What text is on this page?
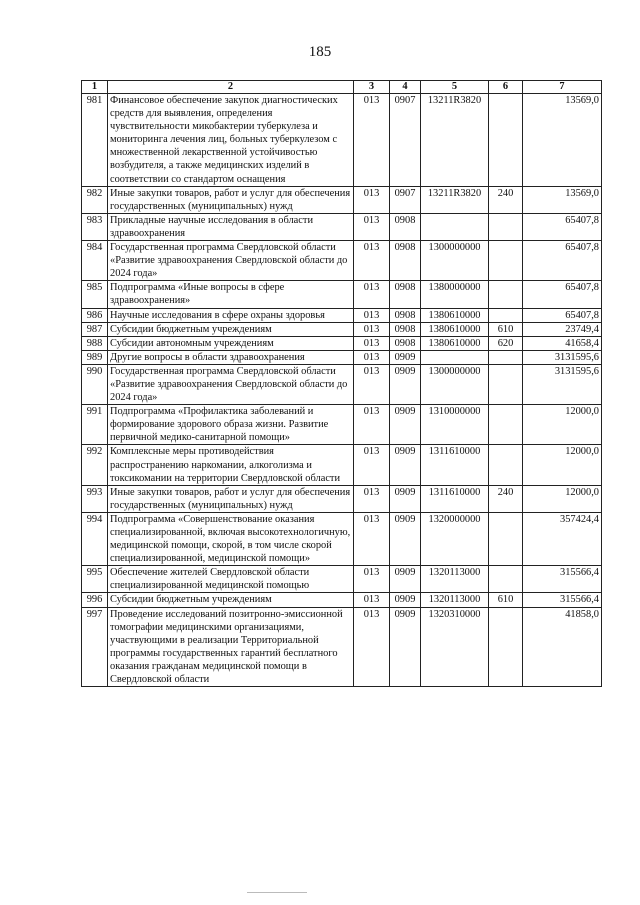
185
1	2	3	4	5	6	7
981	Финансовое обеспечение закупок диагностических средств для выявления, определения чувствительности микобактерии туберкулеза и мониторинга лечения лиц, больных туберкулезом с множественной лекарственной устойчивостью возбудителя, а также медицинских изделий в соответствии со стандартом оснащения	013	0907	13211R3820		13569,0
982	Иные закупки товаров, работ и услуг для обеспечения государственных (муниципальных) нужд	013	0907	13211R3820	240	13569,0
983	Прикладные научные исследования в области здравоохранения	013	0908			65407,8
984	Государственная программа Свердловской области «Развитие здравоохранения Свердловской области до 2024 года»	013	0908	1300000000		65407,8
985	Подпрограмма «Иные вопросы в сфере здравоохранения»	013	0908	1380000000		65407,8
986	Научные исследования в сфере охраны здоровья	013	0908	1380610000		65407,8
987	Субсидии бюджетным учреждениям	013	0908	1380610000	610	23749,4
988	Субсидии автономным учреждениям	013	0908	1380610000	620	41658,4
989	Другие вопросы в области здравоохранения	013	0909			3131595,6
990	Государственная программа Свердловской области «Развитие здравоохранения Свердловской области до 2024 года»	013	0909	1300000000		3131595,6
991	Подпрограмма «Профилактика заболеваний и формирование здорового образа жизни. Развитие первичной медико-санитарной помощи»	013	0909	1310000000		12000,0
992	Комплексные меры противодействия распространению наркомании, алкоголизма и токсикомании на территории Свердловской области	013	0909	1311610000		12000,0
993	Иные закупки товаров, работ и услуг для обеспечения государственных (муниципальных) нужд	013	0909	1311610000	240	12000,0
994	Подпрограмма «Совершенствование оказания специализированной, включая высокотехнологичную, медицинской помощи, скорой, в том числе скорой специализированной, медицинской помощи»	013	0909	1320000000		357424,4
995	Обеспечение жителей Свердловской области специализированной медицинской помощью	013	0909	1320113000		315566,4
996	Субсидии бюджетным учреждениям	013	0909	1320113000	610	315566,4
997	Проведение исследований позитронно-эмиссионной томографии медицинскими организациями, участвующими в реализации Территориальной программы государственных гарантий бесплатного оказания гражданам медицинской помощи в Свердловской области	013	0909	1320310000		41858,0
